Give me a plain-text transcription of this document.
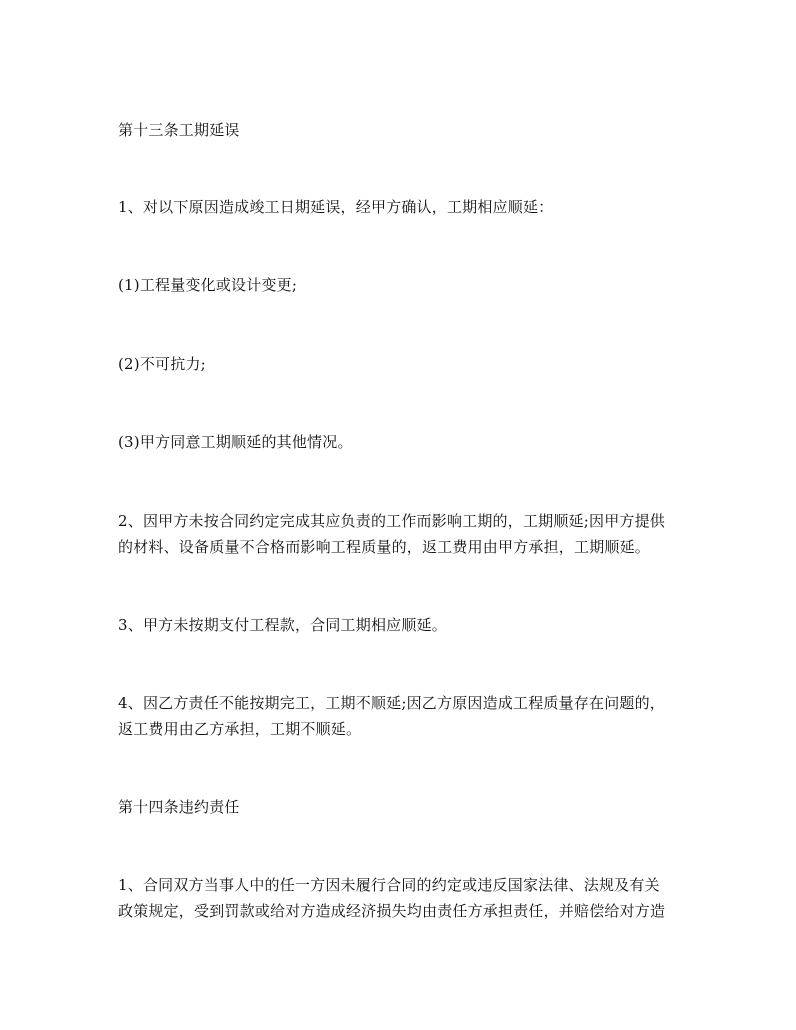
第十三条工期延误
1、对以下原因造成竣工日期延误，经甲方确认，工期相应顺延：
(1)工程量变化或设计变更;
(2)不可抗力;
(3)甲方同意工期顺延的其他情况。
2、因甲方未按合同约定完成其应负责的工作而影响工期的，工期顺延;因甲方提供
的材料、设备质量不合格而影响工程质量的，返工费用由甲方承担，工期顺延。
3、甲方未按期支付工程款，合同工期相应顺延。
4、因乙方责任不能按期完工，工期不顺延;因乙方原因造成工程质量存在问题的，
返工费用由乙方承担，工期不顺延。
第十四条违约责任
1、合同双方当事人中的任一方因未履行合同的约定或违反国家法律、法规及有关
政策规定，受到罚款或给对方造成经济损失均由责任方承担责任，并赔偿给对方造
